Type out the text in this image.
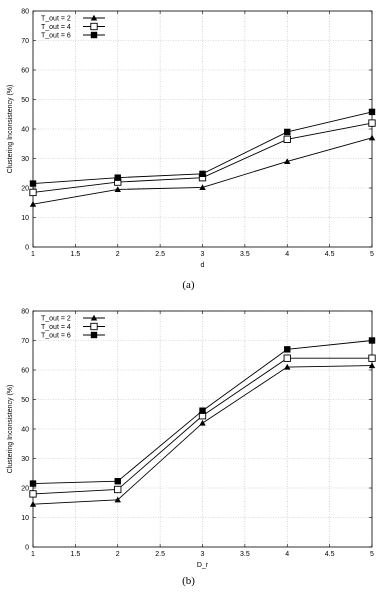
1	1.5	2	2.5	3	3.5	4	4.5	5
0
10
20
30
40
50
60
70
80
d
Clustering Inconsistency (%)
T_out = 2
T_out = 4
T_out = 6
(a)
1	1.5	2	2.5	3	3.5	4	4.5	5
0
10
20
30
40
50
60
70
80
D_r
Clustering Inconsistency (%)
T_out = 2
T_out = 4
T_out = 6
(b)
